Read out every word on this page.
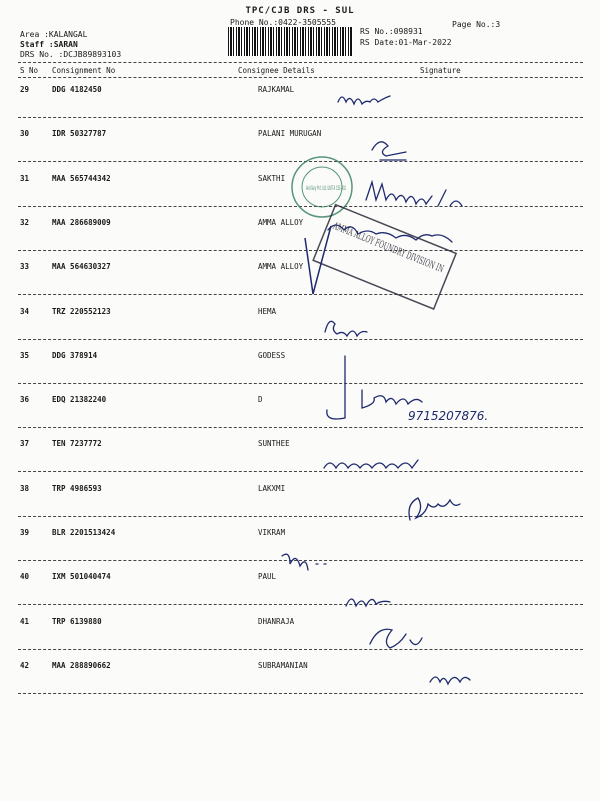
TPC/CJB DRS - SUL
Phone No.:0422-3505555
RS No.:098931
Page No.:3
RS Date:01-Mar-2022
Area :KALANGAL
Staff :SARAN
DRS No. :DCJB89893103
S No Consignment No	Consignee Details	Signature
29	DDG 4182450	RAJKAMAL
30	IDR 50327787	PALANI MURUGAN
31	MAA 565744342	SAKTHI
32	MAA 286689009	AMMA ALLOY
33	MAA 564630327	AMMA ALLOY
34	TRZ 220552123	HEMA
35	DDG 378914	GODESS
36	EDQ 21382240	D
37	TEN 7237772	SUNTHEE
38	TRP 4986593	LAKXMI
39	BLR 2201513424	VIKRAM
40	IXM 501040474	PAUL
41	TRP 6139880	DHANRAJA
42	MAA 288890662	SUBRAMANIAN
9715207876.
Anciliary Pvt. Ltd. UNIT-II CSE-402
AMMA ALLOY FOUNDRY DIVISION IN
